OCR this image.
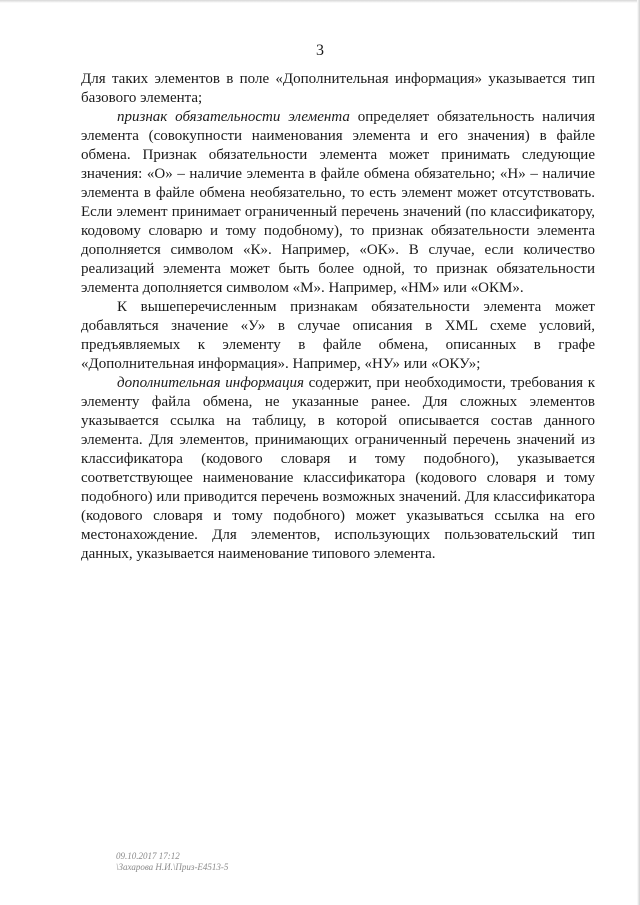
3

Для таких элементов в поле «Дополнительная информация» указывается тип базового элемента;

признак обязательности элемента определяет обязательность наличия элемента (совокупности наименования элемента и его значения) в файле обмена. Признак обязательности элемента может принимать следующие значения: «О» – наличие элемента в файле обмена обязательно; «Н» – наличие элемента в файле обмена необязательно, то есть элемент может отсутствовать. Если элемент принимает ограниченный перечень значений (по классификатору, кодовому словарю и тому подобному), то признак обязательности элемента дополняется символом «К». Например, «ОК». В случае, если количество реализаций элемента может быть более одной, то признак обязательности элемента дополняется символом «М». Например, «НМ» или «ОКМ».

К вышеперечисленным признакам обязательности элемента может добавляться значение «У» в случае описания в XML схеме условий, предъявляемых к элементу в файле обмена, описанных в графе «Дополнительная информация». Например, «НУ» или «ОКУ»;

дополнительная информация содержит, при необходимости, требования к элементу файла обмена, не указанные ранее. Для сложных элементов указывается ссылка на таблицу, в которой описывается состав данного элемента. Для элементов, принимающих ограниченный перечень значений из классификатора (кодового словаря и тому подобного), указывается соответствующее наименование классификатора (кодового словаря и тому подобного) или приводится перечень возможных значений. Для классификатора (кодового словаря и тому подобного) может указываться ссылка на его местонахождение. Для элементов, использующих пользовательский тип данных, указывается наименование типового элемента.

09.10.2017 17:12
\Захарова Н.И.\Приз-Е4513-5
